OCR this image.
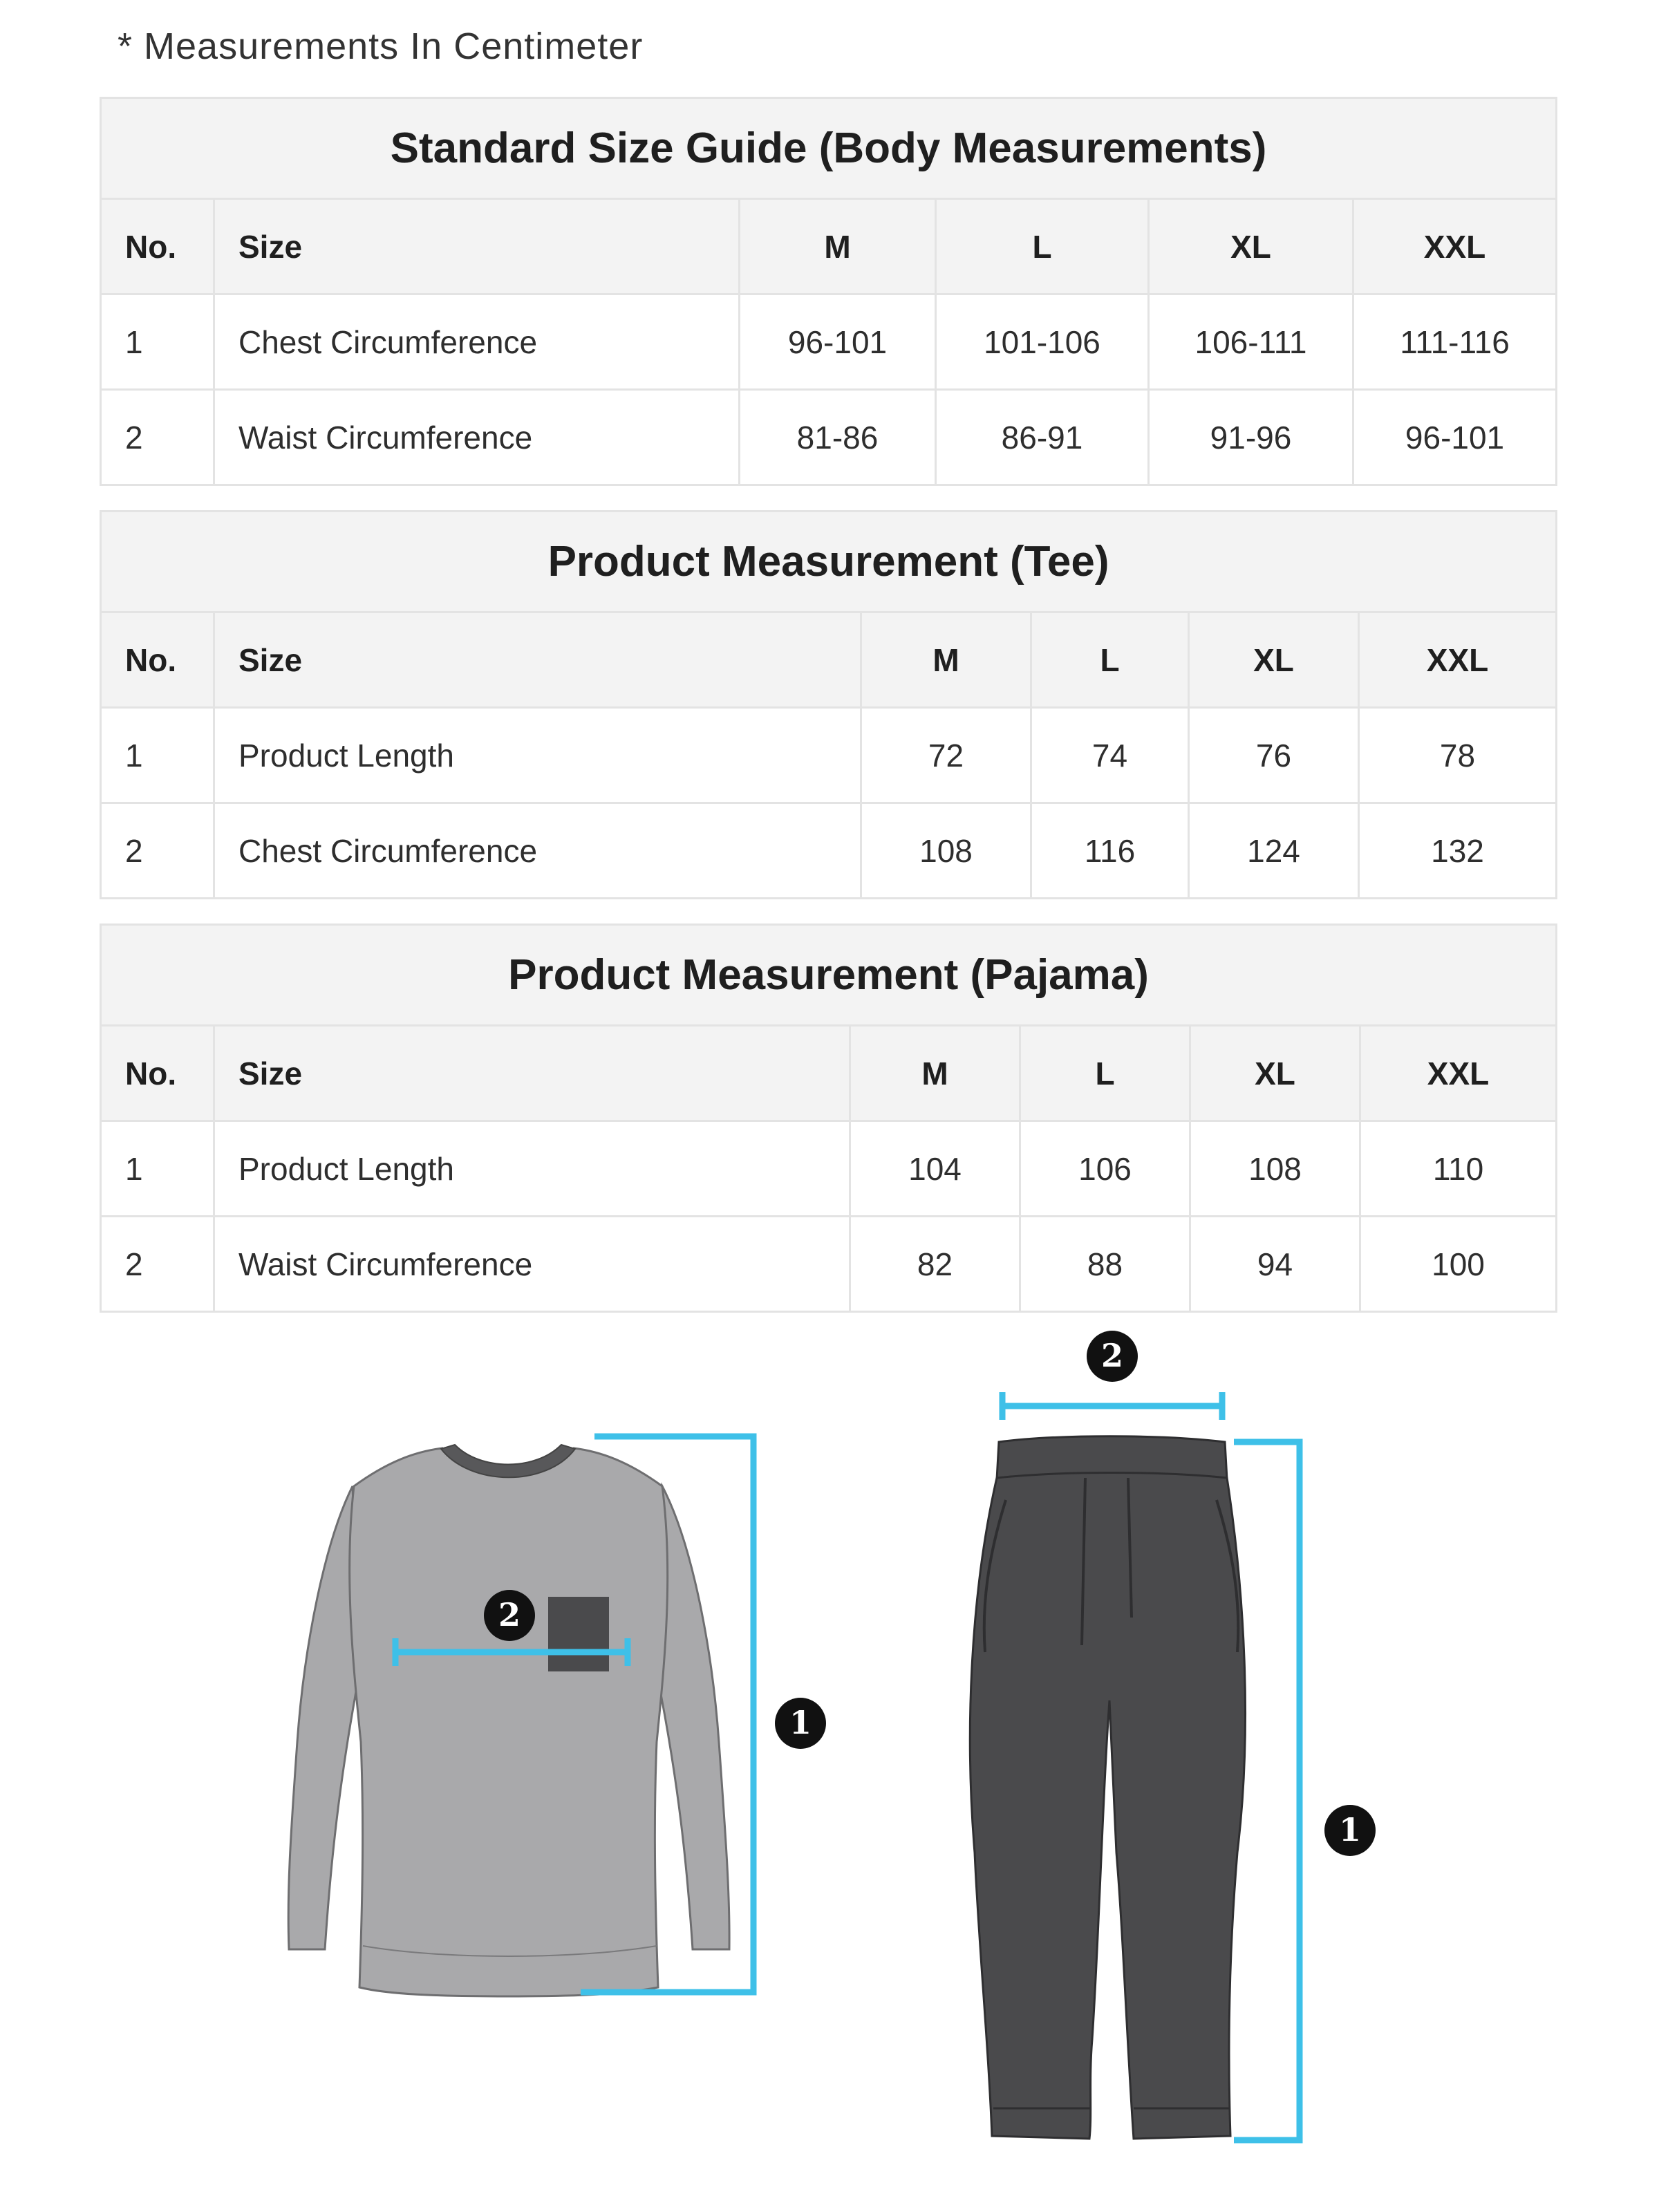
* Measurements In Centimeter
Standard Size Guide (Body Measurements)					
No.	Size	M	L	XL	XXL
1	Chest Circumference	96-101	101-106	106-111	111-116
2	Waist Circumference	81-86	86-91	91-96	96-101
Product Measurement (Tee)					
No.	Size	M	L	XL	XXL
1	Product Length	72	74	76	78
2	Chest Circumference	108	116	124	132
Product Measurement (Pajama)					
No.	Size	M	L	XL	XXL
1	Product Length	104	106	108	110
2	Waist Circumference	82	88	94	100
2
1
2
1
